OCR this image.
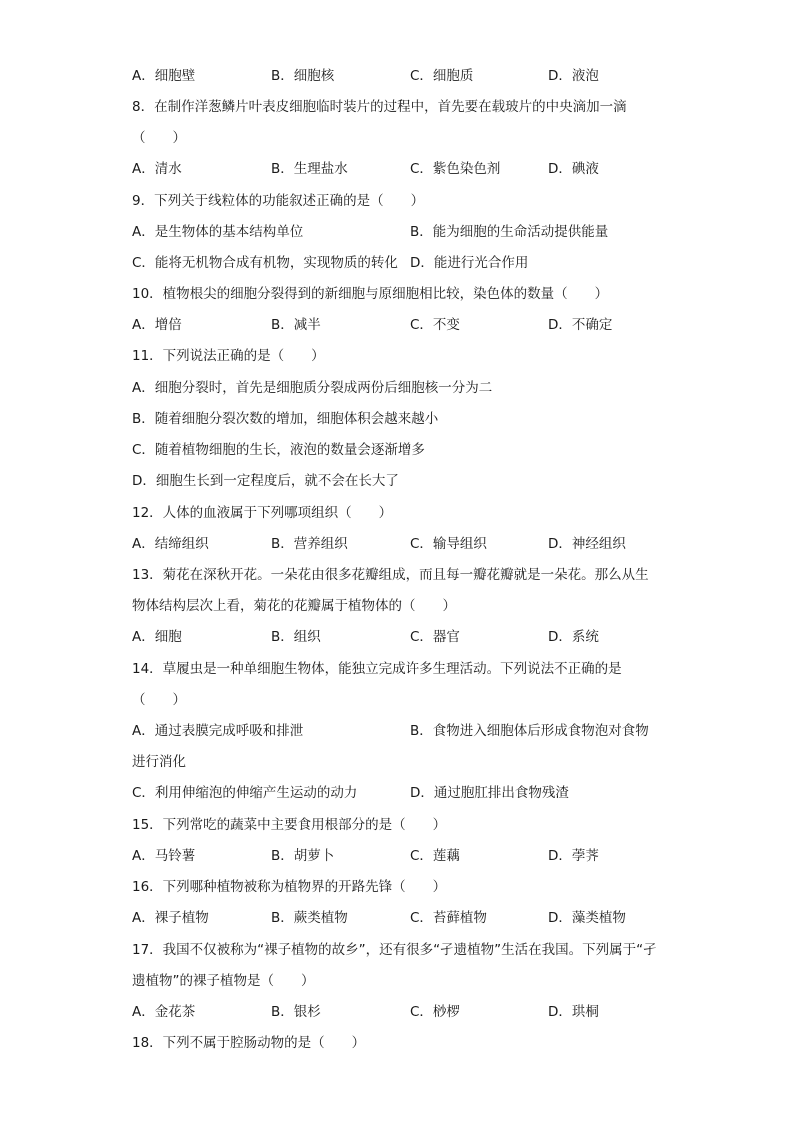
A．细胞壁	B．细胞核	C．细胞质	D．液泡
8．在制作洋葱鳞片叶表皮细胞临时装片的过程中，首先要在载玻片的中央滴加一滴
（　　）
A．清水	B．生理盐水	C．紫色染色剂	D．碘液
9．下列关于线粒体的功能叙述正确的是（　　）
A．是生物体的基本结构单位	B．能为细胞的生命活动提供能量
C．能将无机物合成有机物，实现物质的转化 D．能进行光合作用
10．植物根尖的细胞分裂得到的新细胞与原细胞相比较，染色体的数量（　　）
A．增倍	B．减半	C．不变	D．不确定
11．下列说法正确的是（　　）
A．细胞分裂时，首先是细胞质分裂成两份后细胞核一分为二
B．随着细胞分裂次数的增加，细胞体积会越来越小
C．随着植物细胞的生长，液泡的数量会逐渐增多
D．细胞生长到一定程度后，就不会在长大了
12．人体的血液属于下列哪项组织（　　）
A．结缔组织	B．营养组织	C．输导组织	D．神经组织
13．菊花在深秋开花。一朵花由很多花瓣组成，而且每一瓣花瓣就是一朵花。那么从生
物体结构层次上看，菊花的花瓣属于植物体的（　　）
A．细胞	B．组织	C．器官	D．系统
14．草履虫是一种单细胞生物体，能独立完成许多生理活动。下列说法不正确的是
（　　）
A．通过表膜完成呼吸和排泄	B．食物进入细胞体后形成食物泡对食物
进行消化
C．利用伸缩泡的伸缩产生运动的动力	D．通过胞肛排出食物残渣
15．下列常吃的蔬菜中主要食用根部分的是（　　）
A．马铃薯	B．胡萝卜	C．莲藕	D．荸荠
16．下列哪种植物被称为植物界的开路先锋（　　）
A．裸子植物	B．蕨类植物	C．苔藓植物	D．藻类植物
17．我国不仅被称为“裸子植物的故乡”，还有很多“孑遗植物”生活在我国。下列属于“孑
遗植物”的裸子植物是（　　）
A．金花茶	B．银杉	C．桫椤	D．珙桐
18．下列不属于腔肠动物的是（　　）
